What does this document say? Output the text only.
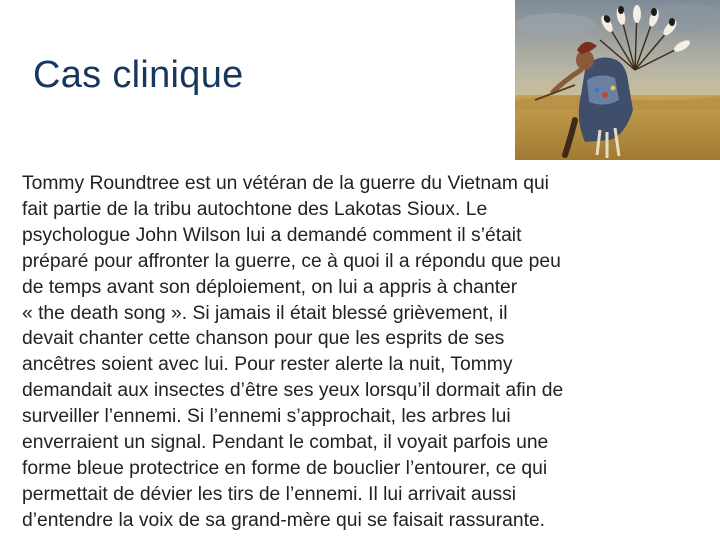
Cas clinique
Tommy Roundtree est un vétéran de la guerre du Vietnam qui
fait partie de la tribu autochtone des Lakotas Sioux. Le
psychologue John Wilson lui a demandé comment il s’était
préparé pour affronter la guerre, ce à quoi il a répondu que peu
de temps avant son déploiement, on lui a appris à chanter
« the death song ». Si jamais il était blessé grièvement, il
devait chanter cette chanson pour que les esprits de ses
ancêtres soient avec lui. Pour rester alerte la nuit, Tommy
demandait aux insectes d’être ses yeux lorsqu’il dormait afin de
surveiller l’ennemi. Si l’ennemi s’approchait, les arbres lui
enverraient un signal. Pendant le combat, il voyait parfois une
forme bleue protectrice en forme de bouclier l’entourer, ce qui
permettait de dévier les tirs de l’ennemi. Il lui arrivait aussi
d’entendre la voix de sa grand-mère qui se faisait rassurante.
